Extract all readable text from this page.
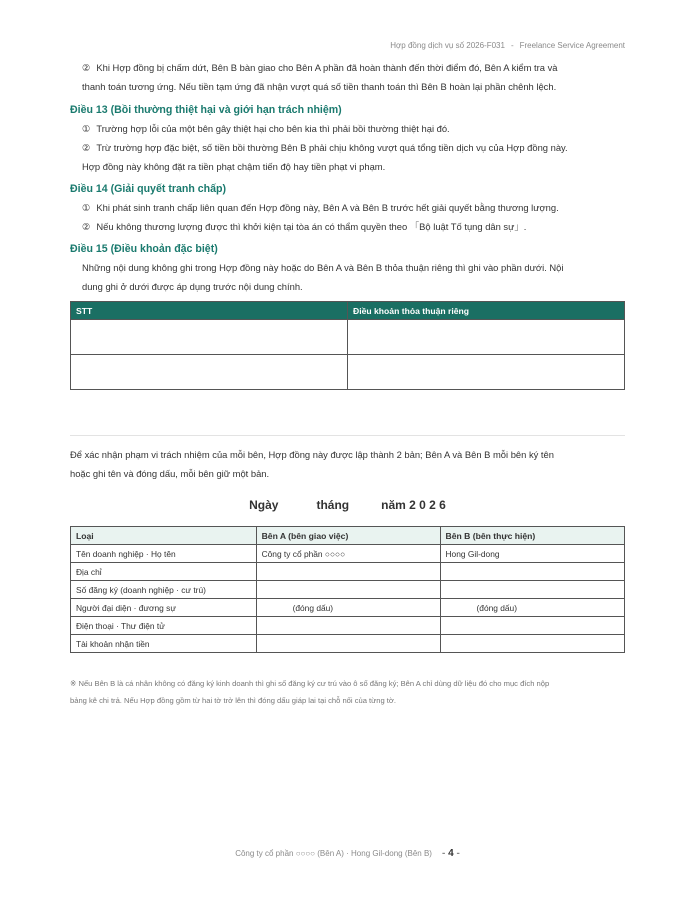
Hợp đồng dịch vụ số 2026-F031 - Freelance Service Agreement
② Khi Hợp đồng bị chấm dứt, Bên B bàn giao cho Bên A phần đã hoàn thành đến thời điểm đó, Bên A kiểm tra và
thanh toán tương ứng. Nếu tiền tạm ứng đã nhận vượt quá số tiền thanh toán thì Bên B hoàn lại phần chênh lệch.
Điều 13 (Bồi thường thiệt hại và giới hạn trách nhiệm)
① Trường hợp lỗi của một bên gây thiệt hại cho bên kia thì phải bồi thường thiệt hại đó.
② Trừ trường hợp đặc biệt, số tiền bồi thường Bên B phải chịu không vượt quá tổng tiền dịch vụ của Hợp đồng này.
Hợp đồng này không đặt ra tiền phạt chậm tiến độ hay tiền phạt vi phạm.
Điều 14 (Giải quyết tranh chấp)
① Khi phát sinh tranh chấp liên quan đến Hợp đồng này, Bên A và Bên B trước hết giải quyết bằng thương lượng.
② Nếu không thương lượng được thì khởi kiện tại tòa án có thẩm quyền theo 「Bộ luật Tố tụng dân sự」.
Điều 15 (Điều khoản đặc biệt)
Những nội dung không ghi trong Hợp đồng này hoặc do Bên A và Bên B thỏa thuận riêng thì ghi vào phần dưới. Nội
dung ghi ở dưới được áp dụng trước nội dung chính.
STT	Điều khoản thỏa thuận riêng

Để xác nhận phạm vi trách nhiệm của mỗi bên, Hợp đồng này được lập thành 2 bản; Bên A và Bên B mỗi bên ký tên
hoặc ghi tên và đóng dấu, mỗi bên giữ một bản.
Ngày	tháng	năm 2 0 2 6
Loại	Bên A (bên giao việc)	Bên B (bên thực hiện)
Tên doanh nghiệp · Họ tên	Công ty cổ phần ○○○○	Hong Gil-dong
Địa chỉ		
Số đăng ký (doanh nghiệp · cư trú)		
Người đại diện · đương sự	(đóng dấu)	(đóng dấu)
Điện thoại · Thư điện tử		
Tài khoản nhận tiền		
※ Nếu Bên B là cá nhân không có đăng ký kinh doanh thì ghi số đăng ký cư trú vào ô số đăng ký; Bên A chỉ dùng dữ liệu đó cho mục đích nộp
bảng kê chi trả. Nếu Hợp đồng gồm từ hai tờ trở lên thì đóng dấu giáp lai tại chỗ nối của từng tờ.
Công ty cổ phần ○○○○ (Bên A) · Hong Gil-dong (Bên B) - 4 -
